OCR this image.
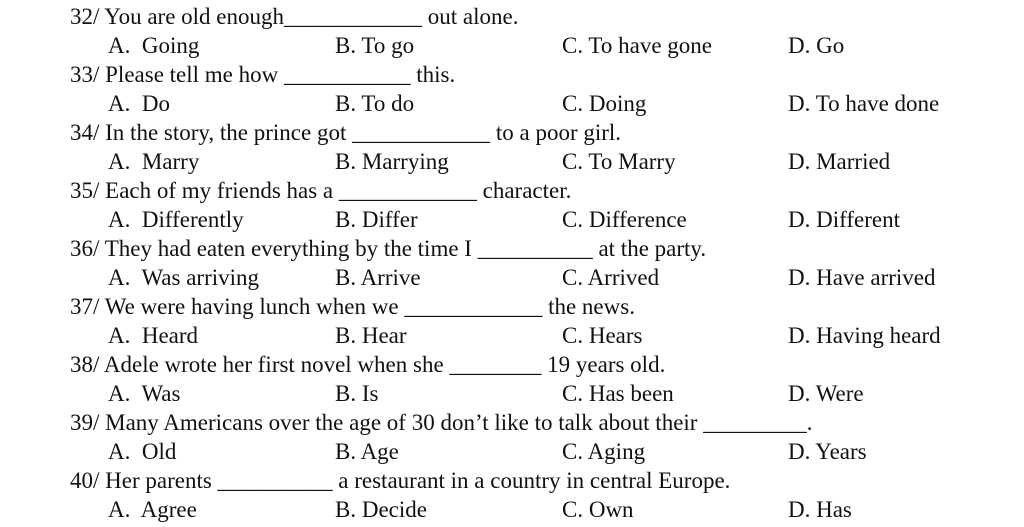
32/ You are old enough____________ out alone.
A.  Going	B. To go	C. To have gone	D. Go
33/ Please tell me how ___________ this.
A.  Do	B. To do	C. Doing	D. To have done
34/ In the story, the prince got ____________ to a poor girl.
A.  Marry	B. Marrying	C. To Marry	D. Married
35/ Each of my friends has a ____________ character.
A.  Differently	B. Differ	C. Difference	D. Different
36/ They had eaten everything by the time I __________ at the party.
A.  Was arriving	B. Arrive	C. Arrived	D. Have arrived
37/ We were having lunch when we ____________ the news.
A.  Heard	B. Hear	C. Hears	D. Having heard
38/ Adele wrote her first novel when she ________ 19 years old.
A.  Was	B. Is	C. Has been	D. Were
39/ Many Americans over the age of 30 don’t like to talk about their _________.
A.  Old	B. Age	C. Aging	D. Years
40/ Her parents __________ a restaurant in a country in central Europe.
A.  Agree	B. Decide	C. Own	D. Has
